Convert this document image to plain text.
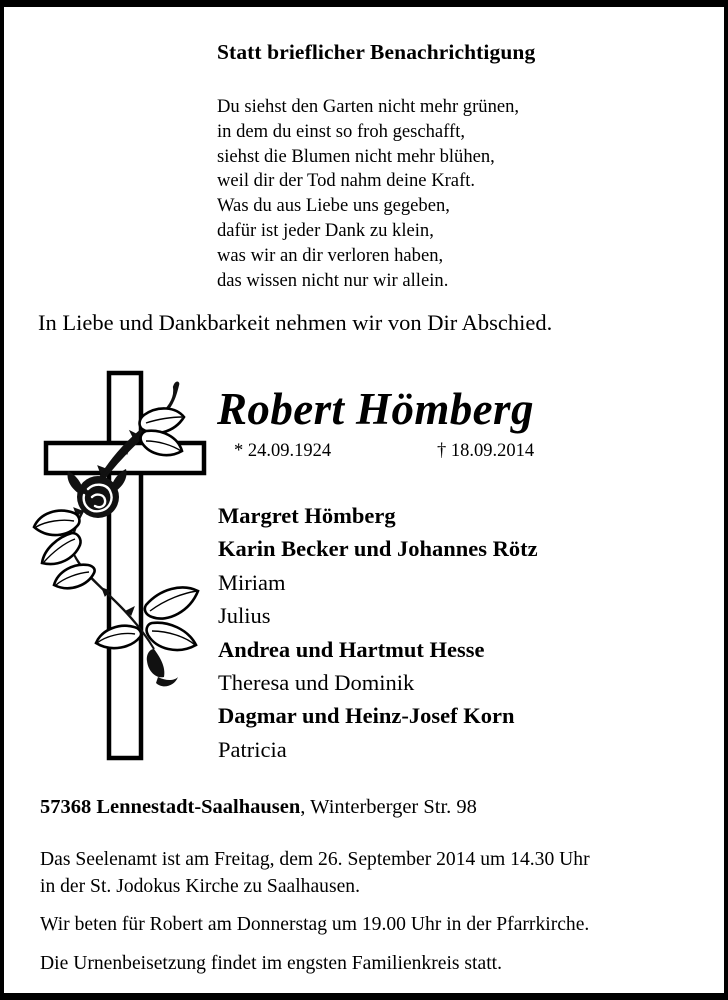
Statt brieflicher Benachrichtigung
Du siehst den Garten nicht mehr grünen,
in dem du einst so froh geschafft,
siehst die Blumen nicht mehr blühen,
weil dir der Tod nahm deine Kraft.
Was du aus Liebe uns gegeben,
dafür ist jeder Dank zu klein,
was wir an dir verloren haben,
das wissen nicht nur wir allein.
In Liebe und Dankbarkeit nehmen wir von Dir Abschied.
Robert Hömberg
* 24.09.1924	† 18.09.2014
Margret Hömberg
Karin Becker und Johannes Rötz
Miriam
Julius
Andrea und Hartmut Hesse
Theresa und Dominik
Dagmar und Heinz-Josef Korn
Patricia
57368 Lennestadt-Saalhausen, Winterberger Str. 98
Das Seelenamt ist am Freitag, dem 26. September 2014 um 14.30 Uhr
in der St. Jodokus Kirche zu Saalhausen.
Wir beten für Robert am Donnerstag um 19.00 Uhr in der Pfarrkirche.
Die Urnenbeisetzung findet im engsten Familienkreis statt.
